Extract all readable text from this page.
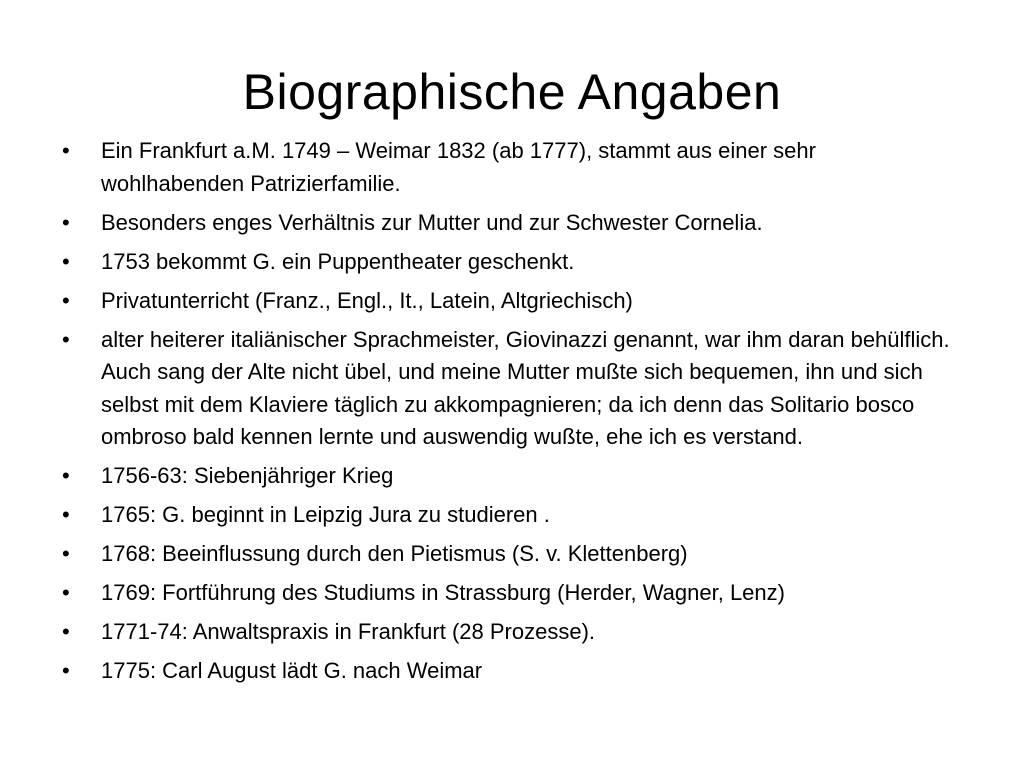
Biographische Angaben
•	Ein Frankfurt a.M. 1749 – Weimar 1832 (ab 1777), stammt aus einer sehr wohlhabenden Patrizierfamilie.
•	Besonders enges Verhältnis zur Mutter und zur Schwester Cornelia.
•	1753 bekommt G. ein Puppentheater geschenkt.
•	Privatunterricht (Franz., Engl., It., Latein, Altgriechisch)
•	alter heiterer italiänischer Sprachmeister, Giovinazzi genannt, war ihm daran behülflich. Auch sang der Alte nicht übel, und meine Mutter mußte sich bequemen, ihn und sich selbst mit dem Klaviere täglich zu akkompagnieren; da ich denn das Solitario bosco ombroso bald kennen lernte und auswendig wußte, ehe ich es verstand.
•	1756-63: Siebenjähriger Krieg
•	1765: G. beginnt in Leipzig Jura zu studieren .
•	1768: Beeinflussung durch den Pietismus (S. v. Klettenberg)
•	1769: Fortführung des Studiums in Strassburg (Herder, Wagner, Lenz)
•	1771-74: Anwaltspraxis in Frankfurt (28 Prozesse).
•	1775: Carl August lädt G. nach Weimar
